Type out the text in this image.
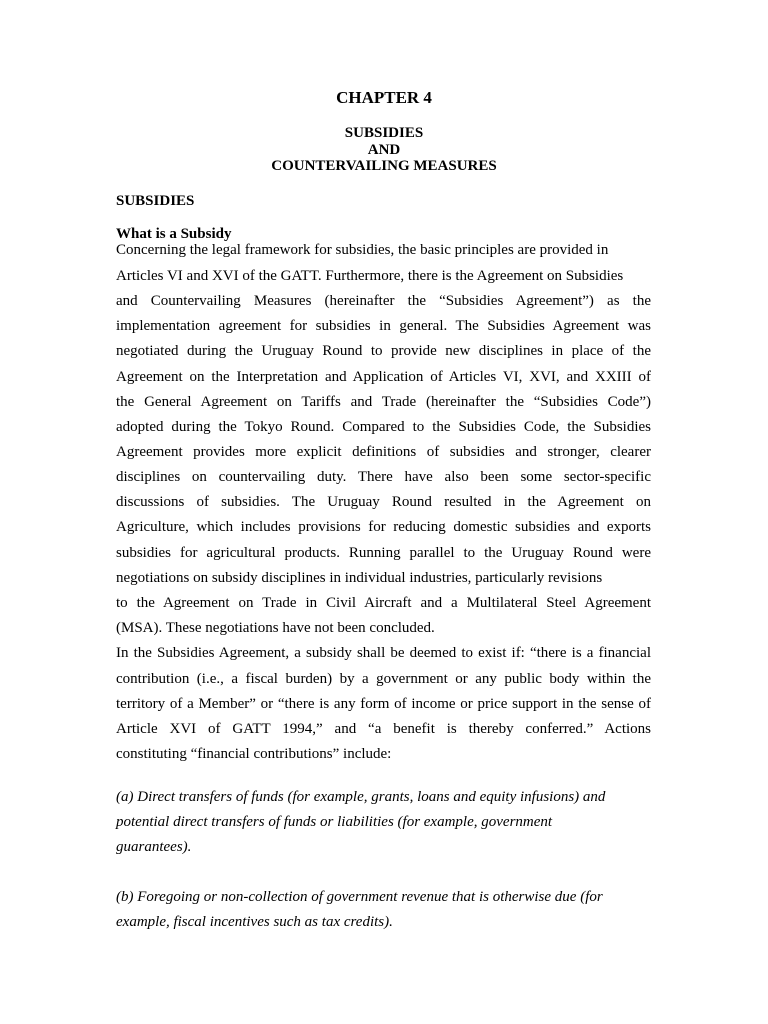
CHAPTER 4
SUBSIDIES
AND
COUNTERVAILING MEASURES
SUBSIDIES
What is a Subsidy
Concerning the legal framework for subsidies, the basic principles are provided in
Articles VI and XVI of the GATT. Furthermore, there is the Agreement on Subsidies
and Countervailing Measures (hereinafter the “Subsidies Agreement”) as the
implementation agreement for subsidies in general. The Subsidies Agreement was
negotiated during the Uruguay Round to provide new disciplines in place of the
Agreement on the Interpretation and Application of Articles VI, XVI, and XXIII of
the General Agreement on Tariffs and Trade (hereinafter the “Subsidies Code”)
adopted during the Tokyo Round. Compared to the Subsidies Code, the Subsidies
Agreement provides more explicit definitions of subsidies and stronger, clearer
disciplines on countervailing duty. There have also been some sector-specific
discussions of subsidies. The Uruguay Round resulted in the Agreement on
Agriculture, which includes provisions for reducing domestic subsidies and exports
subsidies for agricultural products. Running parallel to the Uruguay Round were
negotiations on subsidy disciplines in individual industries, particularly revisions
to the Agreement on Trade in Civil Aircraft and a Multilateral Steel Agreement
(MSA). These negotiations have not been concluded.
In the Subsidies Agreement, a subsidy shall be deemed to exist if: “there is a financial
contribution (i.e., a fiscal burden) by a government or any public body within the
territory of a Member” or “there is any form of income or price support in the sense of
Article XVI of GATT 1994,” and “a benefit is thereby conferred.” Actions
constituting “financial contributions” include:
(a) Direct transfers of funds (for example, grants, loans and equity infusions) and
potential direct transfers of funds or liabilities (for example, government
guarantees).
(b) Foregoing or non-collection of government revenue that is otherwise due (for
example, fiscal incentives such as tax credits).
